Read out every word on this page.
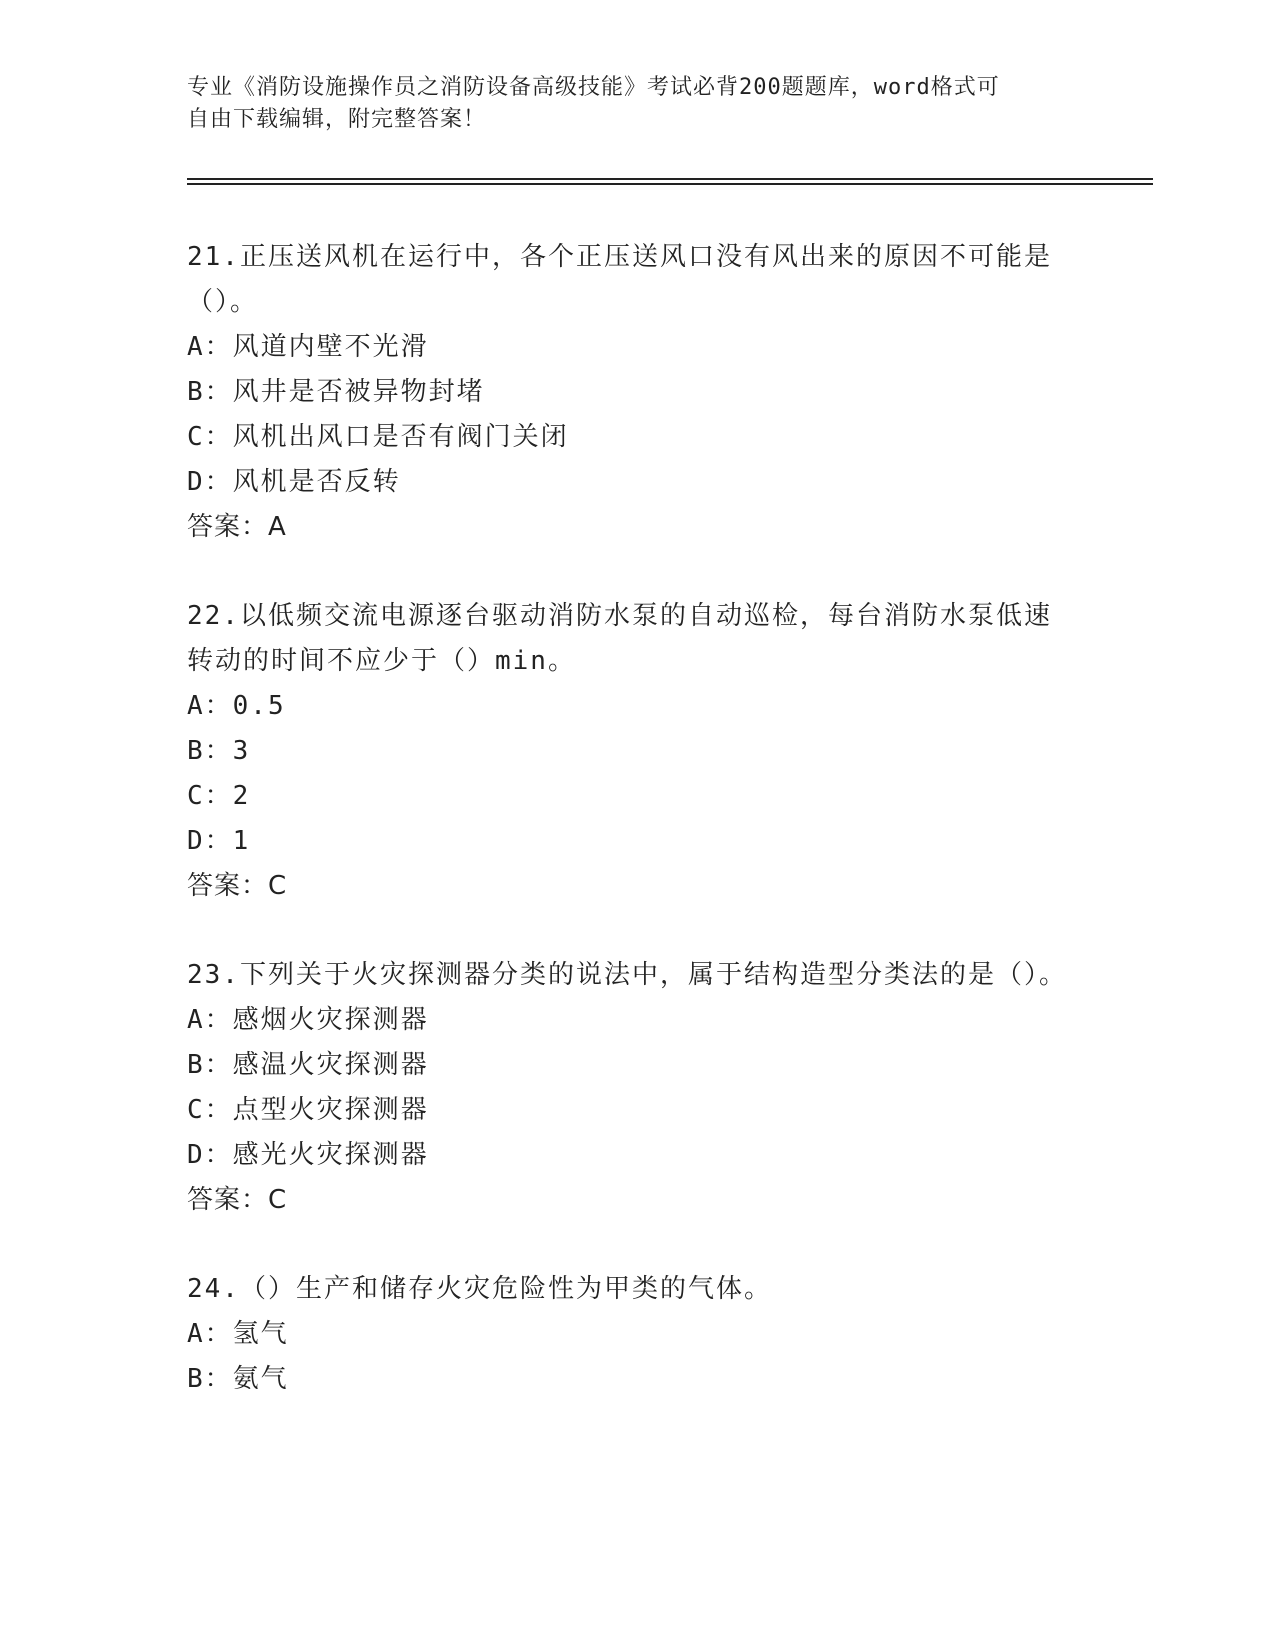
专业《消防设施操作员之消防设备高级技能》考试必背200题题库，word格式可
自由下载编辑，附完整答案！
21.正压送风机在运行中，各个正压送风口没有风出来的原因不可能是（）。
A：风道内壁不光滑
B：风井是否被异物封堵
C：风机出风口是否有阀门关闭
D：风机是否反转
答案：A
22.以低频交流电源逐台驱动消防水泵的自动巡检，每台消防水泵低速转动的时间不应少于（）min。
A：0.5
B：3
C：2
D：1
答案：C
23.下列关于火灾探测器分类的说法中，属于结构造型分类法的是（）。
A：感烟火灾探测器
B：感温火灾探测器
C：点型火灾探测器
D：感光火灾探测器
答案：C
24.（）生产和储存火灾危险性为甲类的气体。
A：氢气
B：氨气
